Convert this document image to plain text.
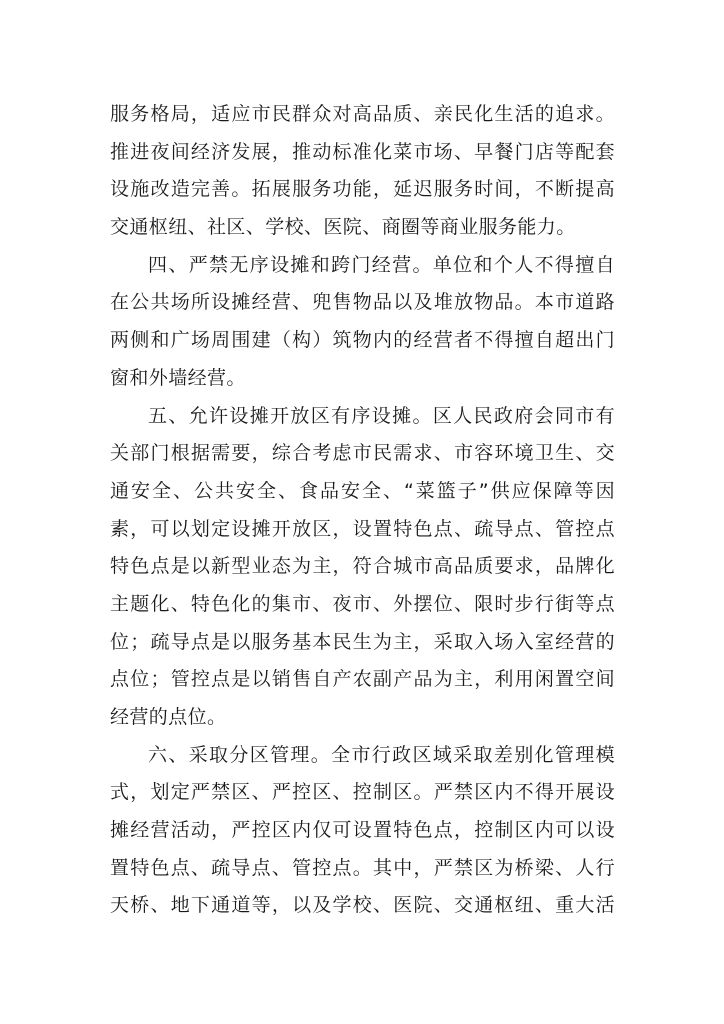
服务格局，适应市民群众对高品质、亲民化生活的追求。
推进夜间经济发展，推动标准化菜市场、早餐门店等配套
设施改造完善。拓展服务功能，延迟服务时间，不断提高
交通枢纽、社区、学校、医院、商圈等商业服务能力。
四、严禁无序设摊和跨门经营。单位和个人不得擅自
在公共场所设摊经营、兜售物品以及堆放物品。本市道路
两侧和广场周围建（构）筑物内的经营者不得擅自超出门
窗和外墙经营。
五、允许设摊开放区有序设摊。区人民政府会同市有
关部门根据需要，综合考虑市民需求、市容环境卫生、交
通安全、公共安全、食品安全、“菜篮子”供应保障等因
素，可以划定设摊开放区，设置特色点、疏导点、管控点
特色点是以新型业态为主，符合城市高品质要求，品牌化
主题化、特色化的集市、夜市、外摆位、限时步行街等点
位；疏导点是以服务基本民生为主，采取入场入室经营的
点位；管控点是以销售自产农副产品为主，利用闲置空间
经营的点位。
六、采取分区管理。全市行政区域采取差别化管理模
式，划定严禁区、严控区、控制区。严禁区内不得开展设
摊经营活动，严控区内仅可设置特色点，控制区内可以设
置特色点、疏导点、管控点。其中，严禁区为桥梁、人行
天桥、地下通道等，以及学校、医院、交通枢纽、重大活
